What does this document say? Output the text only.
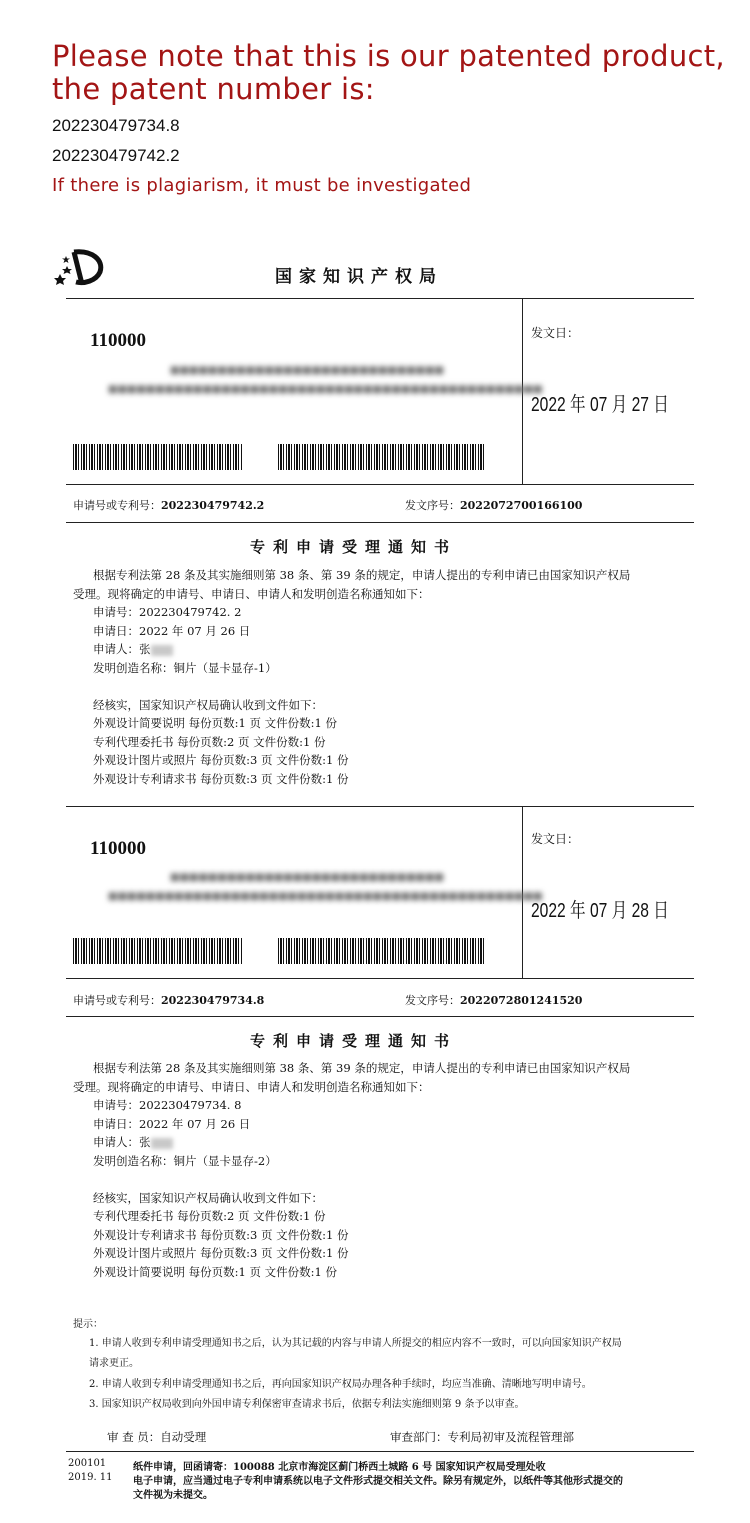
Please note that this is our patented product,
the patent number is:
202230479734.8
202230479742.2
If there is plagiarism, it must be investigated
国家知识产权局
110000
■■■■■■■■■■■■■■■■■■■■■■■■■■■■■
■■■■■■■■■■■■■■■■■■■■■■■■■■■■■■■■■■■■■■■■■■■■■■
发文日：
2022 年 07 月 27 日
申请号或专利号：202230479742.2	发文序号：2022072700166100
专利申请受理通知书
根据专利法第 28 条及其实施细则第 38 条、第 39 条的规定，申请人提出的专利申请已由国家知识产权局
受理。现将确定的申请号、申请日、申请人和发明创造名称通知如下：
申请号：202230479742. 2
申请日：2022 年 07 月 26 日
申请人：张
发明创造名称：铜片（显卡显存-1）
经核实，国家知识产权局确认收到文件如下：
外观设计简要说明 每份页数:1 页 文件份数:1 份
专利代理委托书 每份页数:2 页 文件份数:1 份
外观设计图片或照片 每份页数:3 页 文件份数:1 份
外观设计专利请求书 每份页数:3 页 文件份数:1 份
110000
■■■■■■■■■■■■■■■■■■■■■■■■■■■■■
■■■■■■■■■■■■■■■■■■■■■■■■■■■■■■■■■■■■■■■■■■■■■■
发文日：
2022 年 07 月 28 日
申请号或专利号：202230479734.8	发文序号：2022072801241520
专利申请受理通知书
根据专利法第 28 条及其实施细则第 38 条、第 39 条的规定，申请人提出的专利申请已由国家知识产权局
受理。现将确定的申请号、申请日、申请人和发明创造名称通知如下：
申请号：202230479734. 8
申请日：2022 年 07 月 26 日
申请人：张
发明创造名称：铜片（显卡显存-2）
经核实，国家知识产权局确认收到文件如下：
专利代理委托书 每份页数:2 页 文件份数:1 份
外观设计专利请求书 每份页数:3 页 文件份数:1 份
外观设计图片或照片 每份页数:3 页 文件份数:1 份
外观设计简要说明 每份页数:1 页 文件份数:1 份
提示：
1. 申请人收到专利申请受理通知书之后，认为其记载的内容与申请人所提交的相应内容不一致时，可以向国家知识产权局
请求更正。
2. 申请人收到专利申请受理通知书之后，再向国家知识产权局办理各种手续时，均应当准确、清晰地写明申请号。
3. 国家知识产权局收到向外国申请专利保密审查请求书后，依据专利法实施细则第 9 条予以审查。
审 查 员：自动受理	审查部门：专利局初审及流程管理部
200101
2019. 11
纸件申请，回函请寄：100088 北京市海淀区蓟门桥西土城路 6 号 国家知识产权局受理处收
电子申请，应当通过电子专利申请系统以电子文件形式提交相关文件。除另有规定外，以纸件等其他形式提交的
文件视为未提交。
